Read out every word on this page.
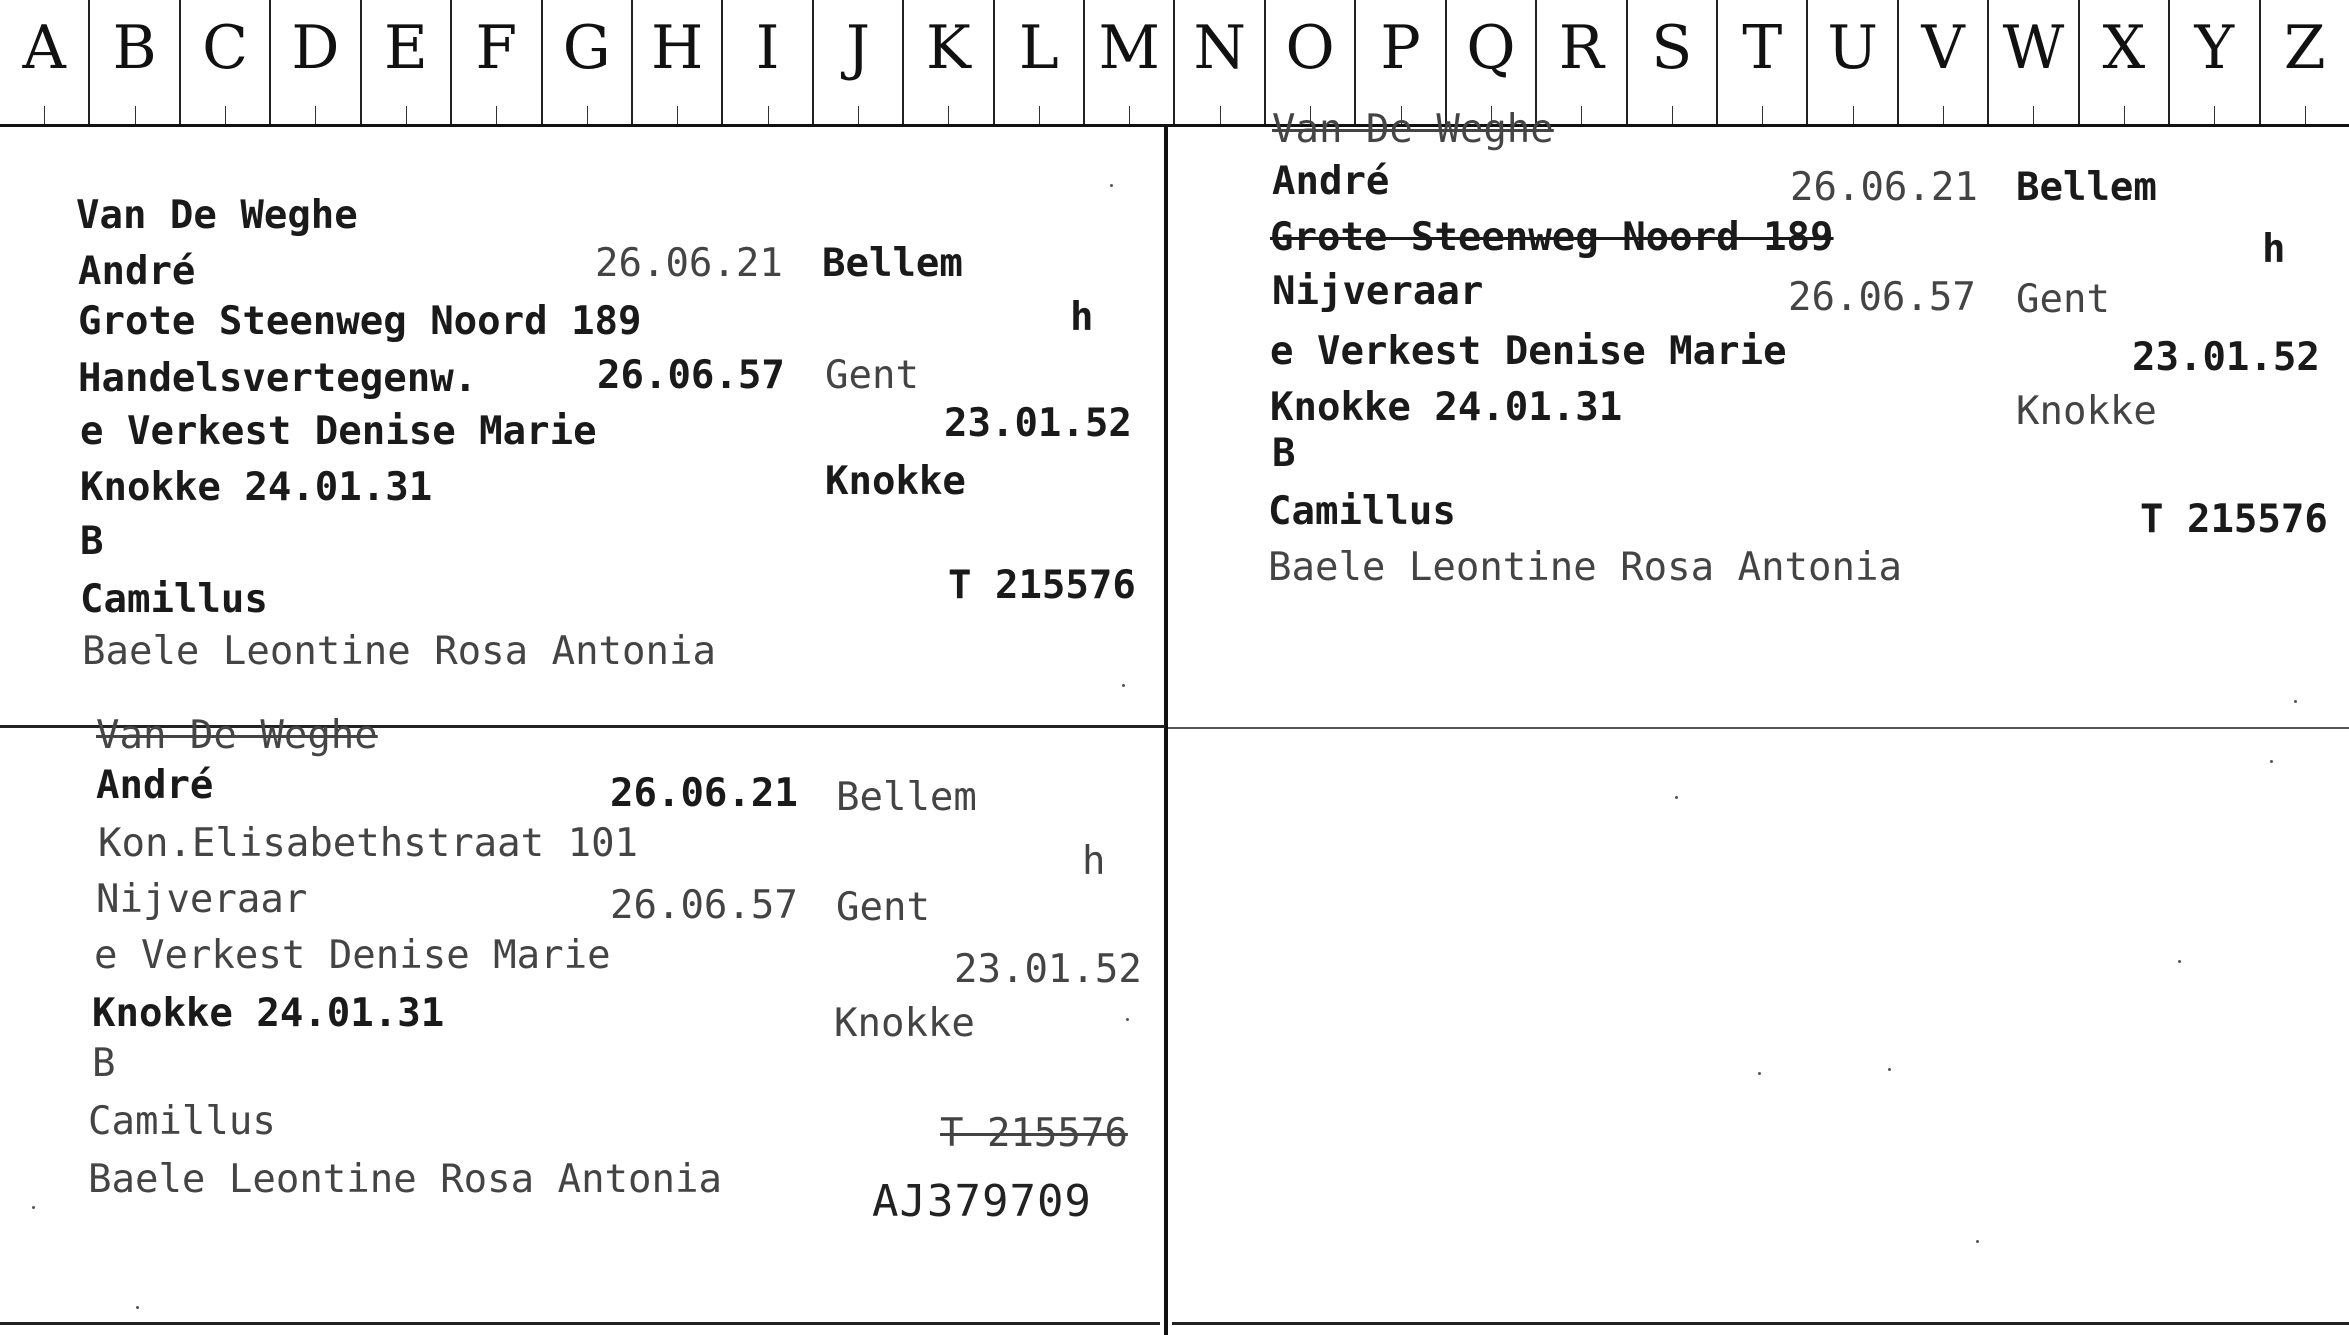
A B C D E F G H I	J K L M N O P Q R S T U V W X Y Z
Van De Weghe
André	26.06.21 Bellem
Grote Steenweg Noord 189	h
Handelsvertegenw.	26.06.57 Gent
e Verkest Denise Marie	23.01.52
Knokke 24.01.31	Knokke
B
Camillus	T 215576
Baele Leontine Rosa Antonia
Van De Weghe
André	26.06.21 Bellem
Grote Steenweg Noord 189	h
Nijveraar	26.06.57 Gent
e Verkest Denise Marie	23.01.52
Knokke 24.01.31	Knokke
B
Camillus	T 215576
Baele Leontine Rosa Antonia
Van De Weghe
André	26.06.21 Bellem
Kon.Elisabethstraat 101	h
Nijveraar	26.06.57 Gent
e Verkest Denise Marie	23.01.52
Knokke 24.01.31	Knokke
B
Camillus	T 215576
Baele Leontine Rosa Antonia	AJ379709
